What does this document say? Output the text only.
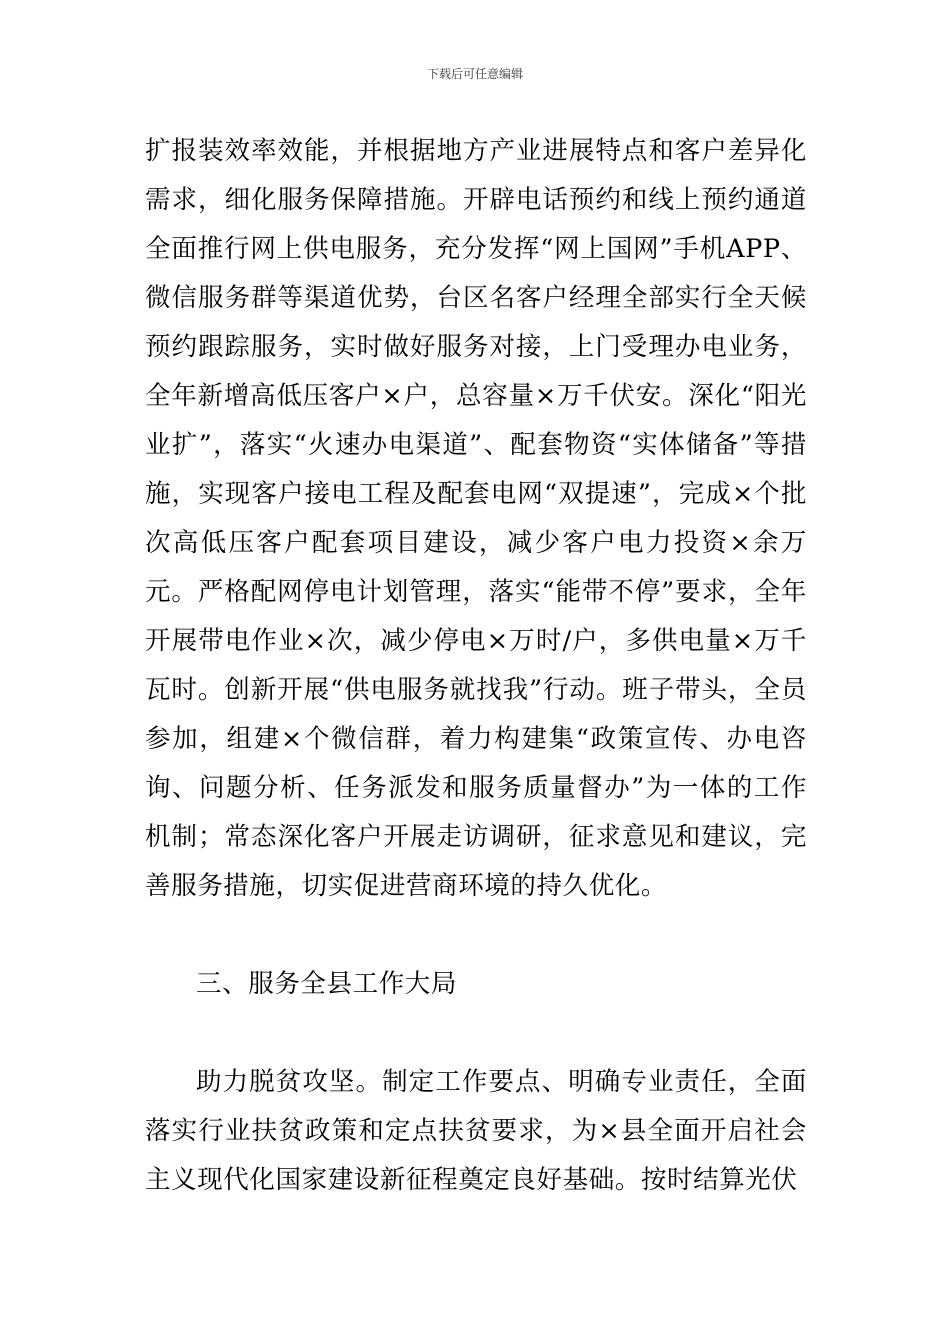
下载后可任意编辑

扩报装效率效能，并根据地方产业进展特点和客户差异化需求，细化服务保障措施。开辟电话预约和线上预约通道全面推行网上供电服务，充分发挥“网上国网”手机APP、微信服务群等渠道优势，台区名客户经理全部实行全天候预约跟踪服务，实时做好服务对接，上门受理办电业务，全年新增高低压客户×户，总容量×万千伏安。深化“阳光业扩”，落实“火速办电渠道”、配套物资“实体储备”等措施，实现客户接电工程及配套电网“双提速”，完成×个批次高低压客户配套项目建设，减少客户电力投资×余万元。严格配网停电计划管理，落实“能带不停”要求，全年开展带电作业×次，减少停电×万时/户，多供电量×万千瓦时。创新开展“供电服务就找我”行动。班子带头，全员参加，组建×个微信群，着力构建集“政策宣传、办电咨询、问题分析、任务派发和服务质量督办”为一体的工作机制；常态深化客户开展走访调研，征求意见和建议，完善服务措施，切实促进营商环境的持久优化。

三、服务全县工作大局

助力脱贫攻坚。制定工作要点、明确专业责任，全面落实行业扶贫政策和定点扶贫要求，为×县全面开启社会主义现代化国家建设新征程奠定良好基础。按时结算光伏
